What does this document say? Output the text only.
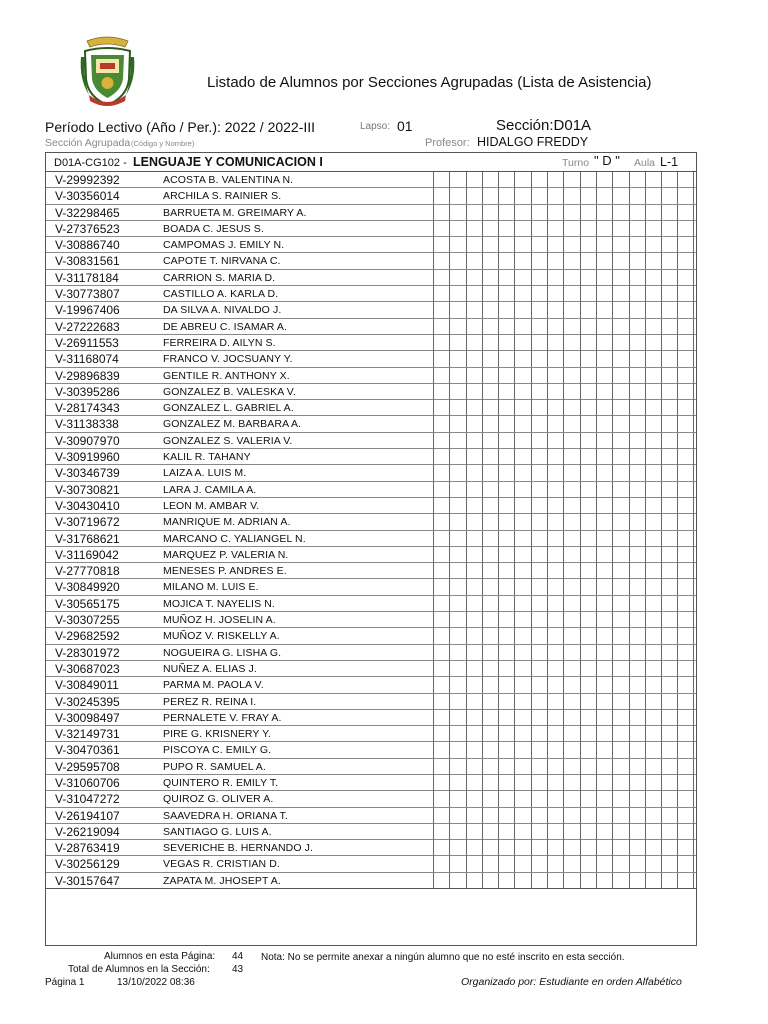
Listado de Alumnos por Secciones Agrupadas (Lista de Asistencia)
Período Lectivo (Año / Per.): 2022 / 2022-III	Lapso: 01	Sección:D01A
Sección Agrupada (Código y Nombre)	Profesor: HIDALGO FREDDY
D01A-CG102 - LENGUAJE Y COMUNICACION I	Turno " D " Aula L-1
V-29992392	ACOSTA B. VALENTINA N.
V-30356014	ARCHILA S. RAINIER S.
V-32298465	BARRUETA M. GREIMARY A.
V-27376523	BOADA C. JESUS S.
V-30886740	CAMPOMAS J. EMILY N.
V-30831561	CAPOTE T. NIRVANA C.
V-31178184	CARRION S. MARIA D.
V-30773807	CASTILLO A. KARLA D.
V-19967406	DA SILVA A. NIVALDO J.
V-27222683	DE ABREU C. ISAMAR A.
V-26911553	FERREIRA D. AILYN S.
V-31168074	FRANCO V. JOCSUANY Y.
V-29896839	GENTILE R. ANTHONY X.
V-30395286	GONZALEZ B. VALESKA V.
V-28174343	GONZALEZ L. GABRIEL A.
V-31138338	GONZALEZ M. BARBARA A.
V-30907970	GONZALEZ S. VALERIA V.
V-30919960	KALIL R. TAHANY
V-30346739	LAIZA A. LUIS M.
V-30730821	LARA J. CAMILA A.
V-30430410	LEON M. AMBAR V.
V-30719672	MANRIQUE M. ADRIAN A.
V-31768621	MARCANO C. YALIANGEL N.
V-31169042	MARQUEZ P. VALERIA N.
V-27770818	MENESES P. ANDRES E.
V-30849920	MILANO M. LUIS E.
V-30565175	MOJICA T. NAYELIS N.
V-30307255	MUÑOZ H. JOSELIN A.
V-29682592	MUÑOZ V. RISKELLY A.
V-28301972	NOGUEIRA G. LISHA G.
V-30687023	NUÑEZ A. ELIAS J.
V-30849011	PARMA M. PAOLA V.
V-30245395	PEREZ R. REINA I.
V-30098497	PERNALETE V. FRAY A.
V-32149731	PIRE G. KRISNERY Y.
V-30470361	PISCOYA C. EMILY G.
V-29595708	PUPO R. SAMUEL A.
V-31060706	QUINTERO R. EMILY T.
V-31047272	QUIROZ G. OLIVER A.
V-26194107	SAAVEDRA H. ORIANA T.
V-26219094	SANTIAGO G. LUIS A.
V-28763419	SEVERICHE B. HERNANDO J.
V-30256129	VEGAS R. CRISTIAN D.
V-30157647	ZAPATA M. JHOSEPT A.
Alumnos en esta Página: 44
Total de Alumnos en la Sección: 43
Nota: No se permite anexar a ningún alumno que no esté inscrito en esta sección.
Página 1	13/10/2022 08:36	Organizado por: Estudiante en orden Alfabético
